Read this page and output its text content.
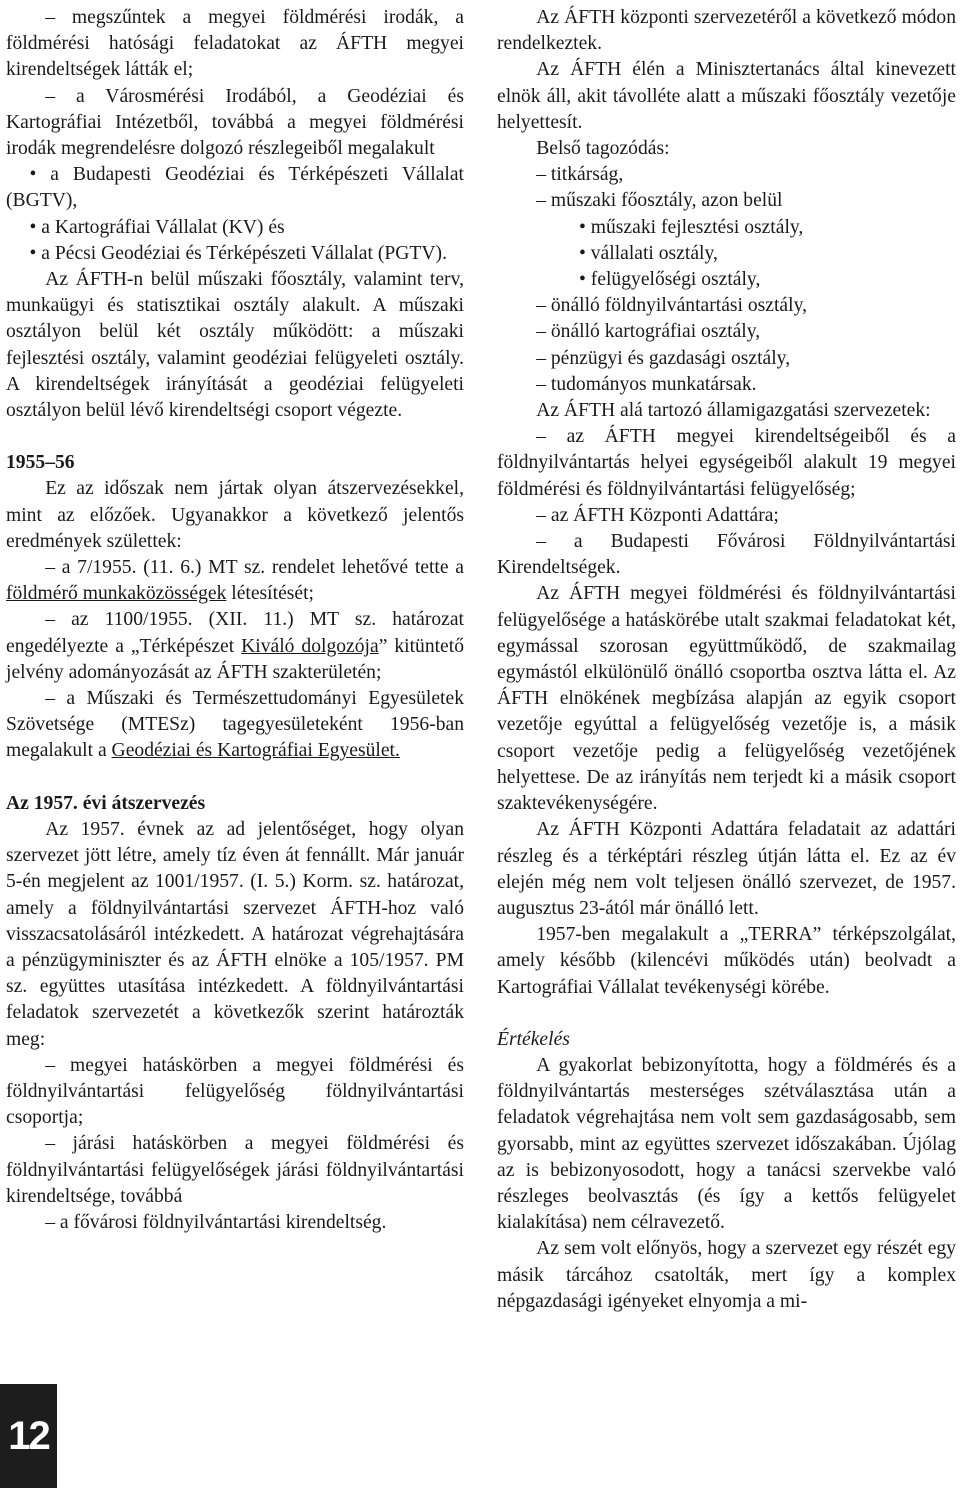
– megszűntek a megyei földmérési irodák, a földmérési hatósági feladatokat az ÁFTH megyei kirendeltségek látták el;

– a Városmérési Irodából, a Geodéziai és Kartográfiai Intézetből, továbbá a megyei földmérési irodák megrendelésre dolgozó részlegeiből megalakult

• a Budapesti Geodéziai és Térképészeti Vállalat (BGTV),

• a Kartográfiai Vállalat (KV) és

• a Pécsi Geodéziai és Térképészeti Vállalat (PGTV).

Az ÁFTH-n belül műszaki főosztály, valamint terv, munkaügyi és statisztikai osztály alakult. A műszaki osztályon belül két osztály működött: a műszaki fejlesztési osztály, valamint geodéziai felügyeleti osztály. A kirendeltségek irányítását a geodéziai felügyeleti osztályon belül lévő kirendeltségi csoport végezte.

1955–56

Ez az időszak nem jártak olyan átszervezésekkel, mint az előzőek. Ugyanakkor a következő jelentős eredmények születtek:

– a 7/1955. (11. 6.) MT sz. rendelet lehetővé tette a földmérő munkaközösségek létesítését;

– az 1100/1955. (XII. 11.) MT sz. határozat engedélyezte a „Térképészet Kiváló dolgozója” kitüntető jelvény adományozását az ÁFTH szakterületén;

– a Műszaki és Természettudományi Egyesületek Szövetsége (MTESz) tagegyesületeként 1956-ban megalakult a Geodéziai és Kartográfiai Egyesület.

Az 1957. évi átszervezés

Az 1957. évnek az ad jelentőséget, hogy olyan szervezet jött létre, amely tíz éven át fennállt. Már január 5-én megjelent az 1001/1957. (I. 5.) Korm. sz. határozat, amely a földnyilvántartási szervezet ÁFTH-hoz való visszacsatolásáról intézkedett. A határozat végrehajtására a pénzügyminiszter és az ÁFTH elnöke a 105/1957. PM sz. együttes utasítása intézkedett. A földnyilvántartási feladatok szervezetét a következők szerint határozták meg:

– megyei hatáskörben a megyei földmérési és földnyilvántartási felügyelőség földnyilvántartási csoportja;

– járási hatáskörben a megyei földmérési és földnyilvántartási felügyelőségek járási földnyilvántartási kirendeltsége, továbbá

– a fővárosi földnyilvántartási kirendeltség.

Az ÁFTH központi szervezetéről a következő módon rendelkeztek.

Az ÁFTH élén a Minisztertanács által kinevezett elnök áll, akit távolléte alatt a műszaki főosztály vezetője helyettesít.

Belső tagozódás:

– titkárság,

– műszaki főosztály, azon belül

• műszaki fejlesztési osztály,

• vállalati osztály,

• felügyelőségi osztály,

– önálló földnyilvántartási osztály,

– önálló kartográfiai osztály,

– pénzügyi és gazdasági osztály,

– tudományos munkatársak.

Az ÁFTH alá tartozó államigazgatási szervezetek:

– az ÁFTH megyei kirendeltségeiből és a földnyilvántartás helyei egységeiből alakult 19 megyei földmérési és földnyilvántartási felügyelőség;

– az ÁFTH Központi Adattára;

– a Budapesti Fővárosi Földnyilvántartási Kirendeltségek.

Az ÁFTH megyei földmérési és földnyilvántartási felügyelősége a hatáskörébe utalt szakmai feladatokat két, egymással szorosan együttműködő, de szakmailag egymástól elkülönülő önálló csoportba osztva látta el. Az ÁFTH elnökének megbízása alapján az egyik csoport vezetője egyúttal a felügyelőség vezetője is, a másik csoport vezetője pedig a felügyelőség vezetőjének helyettese. De az irányítás nem terjedt ki a másik csoport szaktevékenységére.

Az ÁFTH Központi Adattára feladatait az adattári részleg és a térképtári részleg útján látta el. Ez az év elején még nem volt teljesen önálló szervezet, de 1957. augusztus 23-ától már önálló lett.

1957-ben megalakult a „TERRA” térképszolgálat, amely később (kilencévi működés után) beolvadt a Kartográfiai Vállalat tevékenységi körébe.

Értékelés

A gyakorlat bebizonyította, hogy a földmérés és a földnyilvántartás mesterséges szétválasztása után a feladatok végrehajtása nem volt sem gazdaságosabb, sem gyorsabb, mint az együttes szervezet időszakában. Újólag az is bebizonyosodott, hogy a tanácsi szervekbe való részleges beolvasztás (és így a kettős felügyelet kialakítása) nem célravezető.

Az sem volt előnyös, hogy a szervezet egy részét egy másik tárcához csatolták, mert így a komplex népgazdasági igényeket elnyomja a mi-

12
